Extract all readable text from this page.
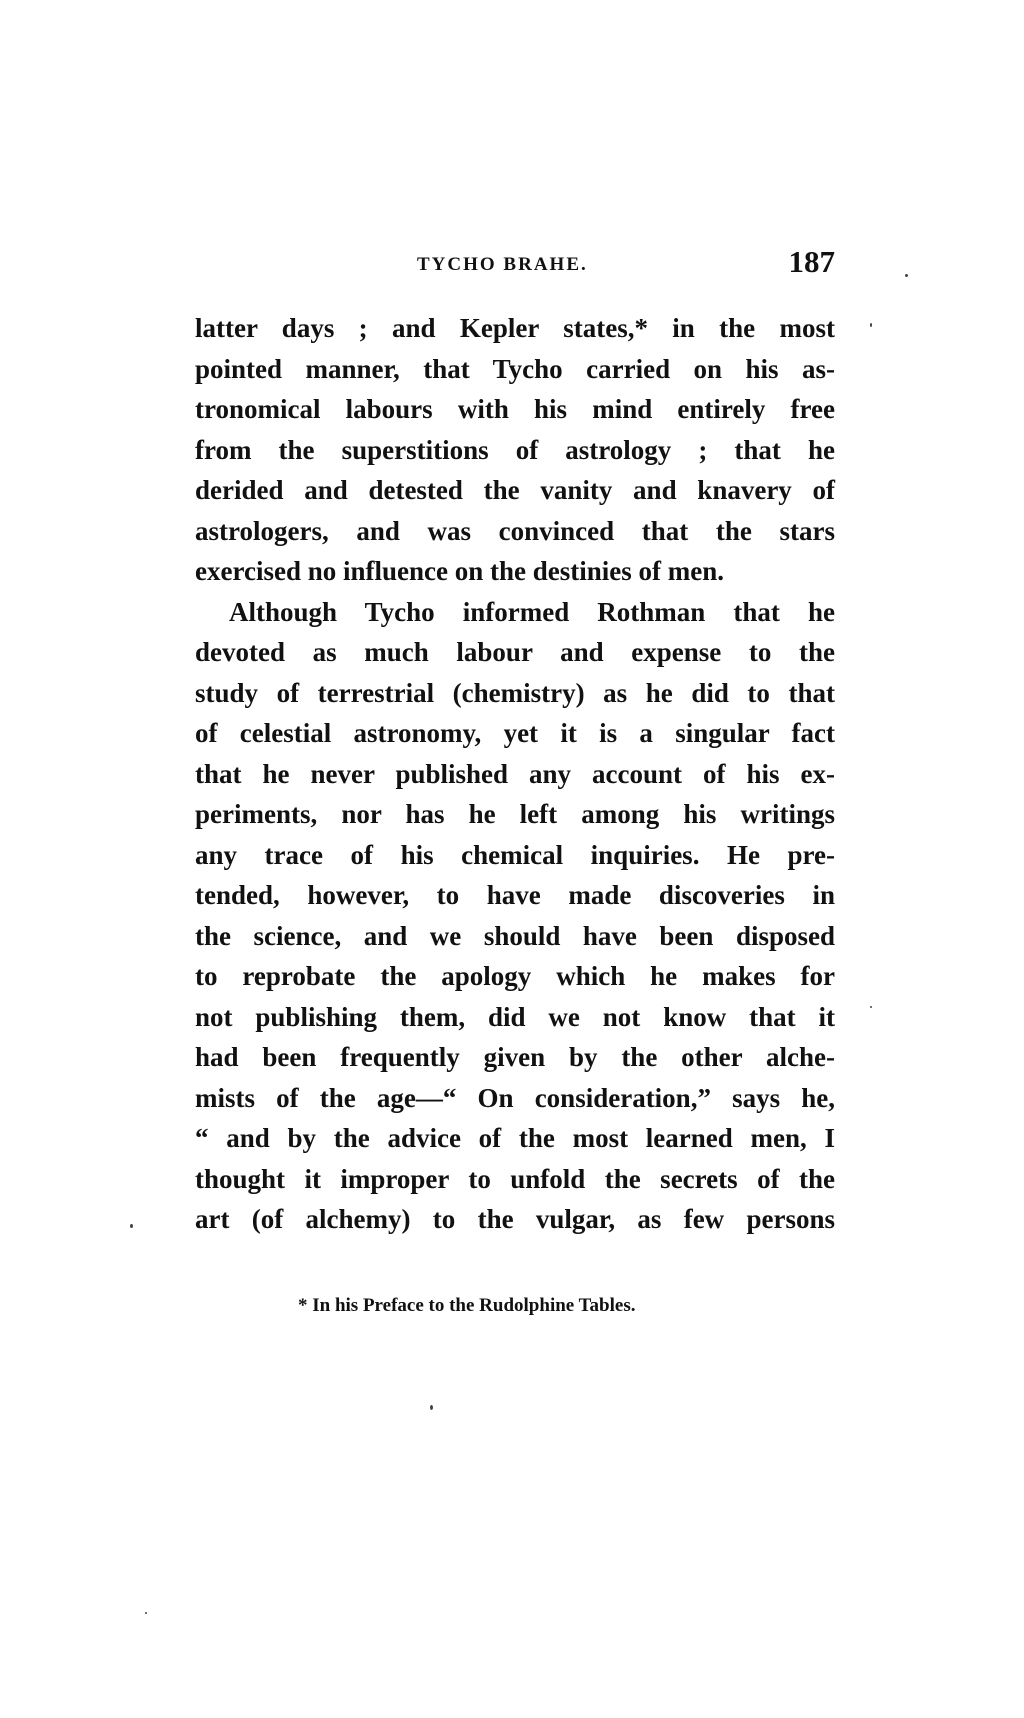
TYCHO BRAHE.	187
latter days ; and Kepler states,* in the most
pointed manner, that Tycho carried on his as-
tronomical labours with his mind entirely free
from the superstitions of astrology ; that he
derided and detested the vanity and knavery of
astrologers, and was convinced that the stars
exercised no influence on the destinies of men.
Although Tycho informed Rothman that he
devoted as much labour and expense to the
study of terrestrial (chemistry) as he did to that
of celestial astronomy, yet it is a singular fact
that he never published any account of his ex-
periments, nor has he left among his writings
any trace of his chemical inquiries. He pre-
tended, however, to have made discoveries in
the science, and we should have been disposed
to reprobate the apology which he makes for
not publishing them, did we not know that it
had been frequently given by the other alche-
mists of the age—“ On consideration,” says he,
“ and by the advice of the most learned men, I
thought it improper to unfold the secrets of the
art (of alchemy) to the vulgar, as few persons
* In his Preface to the Rudolphine Tables.
